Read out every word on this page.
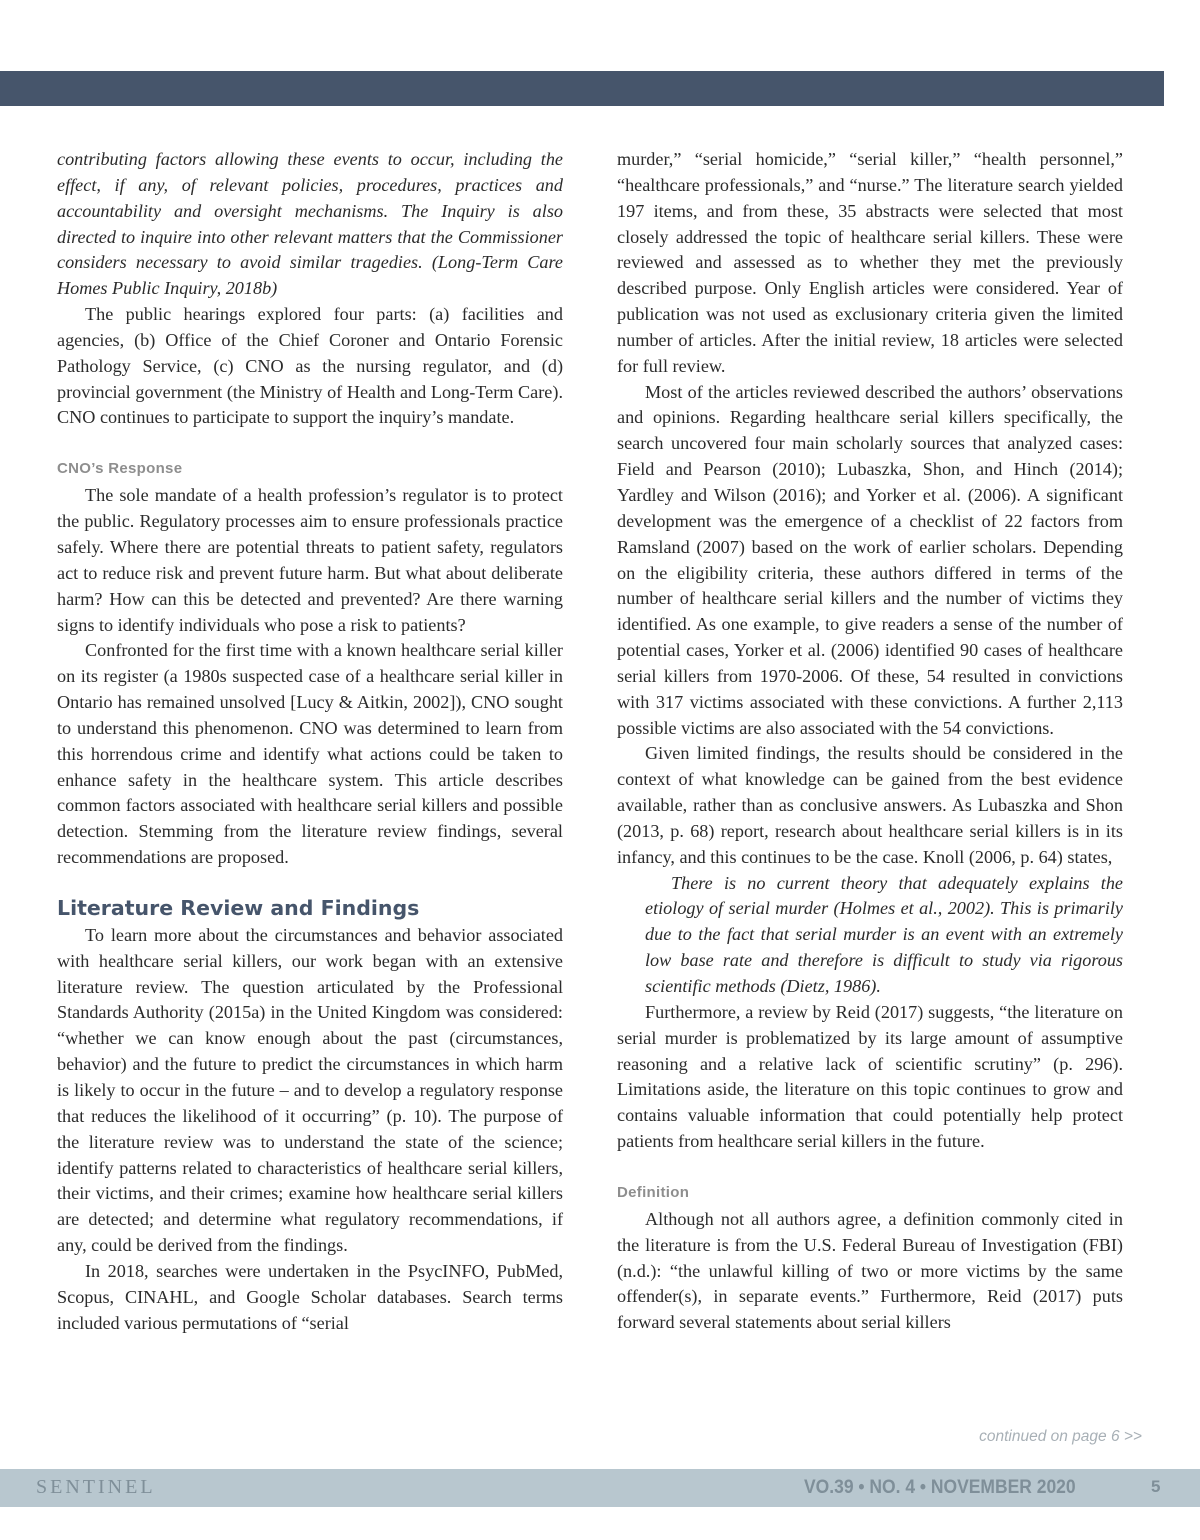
contributing factors allowing these events to occur, including the effect, if any, of relevant policies, procedures, practices and accountability and oversight mechanisms. The Inquiry is also directed to inquire into other relevant matters that the Commissioner considers necessary to avoid similar tragedies. (Long-Term Care Homes Public Inquiry, 2018b)

The public hearings explored four parts: (a) facilities and agencies, (b) Office of the Chief Coroner and Ontario Forensic Pathology Service, (c) CNO as the nursing regulator, and (d) provincial government (the Ministry of Health and Long-Term Care). CNO continues to participate to support the inquiry’s mandate.

CNO’s Response

The sole mandate of a health profession’s regulator is to protect the public. Regulatory processes aim to ensure professionals practice safely. Where there are potential threats to patient safety, regulators act to reduce risk and prevent future harm. But what about deliberate harm? How can this be detected and prevented? Are there warning signs to identify individuals who pose a risk to patients?

Confronted for the first time with a known healthcare serial killer on its register (a 1980s suspected case of a healthcare serial killer in Ontario has remained unsolved [Lucy & Aitkin, 2002]), CNO sought to understand this phenomenon. CNO was determined to learn from this horrendous crime and identify what actions could be taken to enhance safety in the healthcare system. This article describes common factors associated with healthcare serial killers and possible detection. Stemming from the literature review findings, several recommendations are proposed.

Literature Review and Findings

To learn more about the circumstances and behavior associated with healthcare serial killers, our work began with an extensive literature review. The question articulated by the Professional Standards Authority (2015a) in the United Kingdom was considered: “whether we can know enough about the past (circumstances, behavior) and the future to predict the circumstances in which harm is likely to occur in the future – and to develop a regulatory response that reduces the likelihood of it occurring” (p. 10). The purpose of the literature review was to understand the state of the science; identify patterns related to characteristics of healthcare serial killers, their victims, and their crimes; examine how healthcare serial killers are detected; and determine what regulatory recommendations, if any, could be derived from the findings.

In 2018, searches were undertaken in the PsycINFO, PubMed, Scopus, CINAHL, and Google Scholar databases. Search terms included various permutations of “serial

murder,” “serial homicide,” “serial killer,” “health personnel,” “healthcare professionals,” and “nurse.” The literature search yielded 197 items, and from these, 35 abstracts were selected that most closely addressed the topic of healthcare serial killers. These were reviewed and assessed as to whether they met the previously described purpose. Only English articles were considered. Year of publication was not used as exclusionary criteria given the limited number of articles. After the initial review, 18 articles were selected for full review.

Most of the articles reviewed described the authors’ observations and opinions. Regarding healthcare serial killers specifically, the search uncovered four main scholarly sources that analyzed cases: Field and Pearson (2010); Lubaszka, Shon, and Hinch (2014); Yardley and Wilson (2016); and Yorker et al. (2006). A significant development was the emergence of a checklist of 22 factors from Ramsland (2007) based on the work of earlier scholars. Depending on the eligibility criteria, these authors differed in terms of the number of healthcare serial killers and the number of victims they identified. As one example, to give readers a sense of the number of potential cases, Yorker et al. (2006) identified 90 cases of healthcare serial killers from 1970-2006. Of these, 54 resulted in convictions with 317 victims associated with these convictions. A further 2,113 possible victims are also associated with the 54 convictions.

Given limited findings, the results should be considered in the context of what knowledge can be gained from the best evidence available, rather than as conclusive answers. As Lubaszka and Shon (2013, p. 68) report, research about healthcare serial killers is in its infancy, and this continues to be the case. Knoll (2006, p. 64) states,

There is no current theory that adequately explains the etiology of serial murder (Holmes et al., 2002). This is primarily due to the fact that serial murder is an event with an extremely low base rate and therefore is difficult to study via rigorous scientific methods (Dietz, 1986).

Furthermore, a review by Reid (2017) suggests, “the literature on serial murder is problematized by its large amount of assumptive reasoning and a relative lack of scientific scrutiny” (p. 296). Limitations aside, the literature on this topic continues to grow and contains valuable information that could potentially help protect patients from healthcare serial killers in the future.

Definition

Although not all authors agree, a definition commonly cited in the literature is from the U.S. Federal Bureau of Investigation (FBI) (n.d.): “the unlawful killing of two or more victims by the same offender(s), in separate events.” Furthermore, Reid (2017) puts forward several statements about serial killers

continued on page 6 >>
SENTINEL	VO.39 • NO. 4 • NOVEMBER 2020	5
